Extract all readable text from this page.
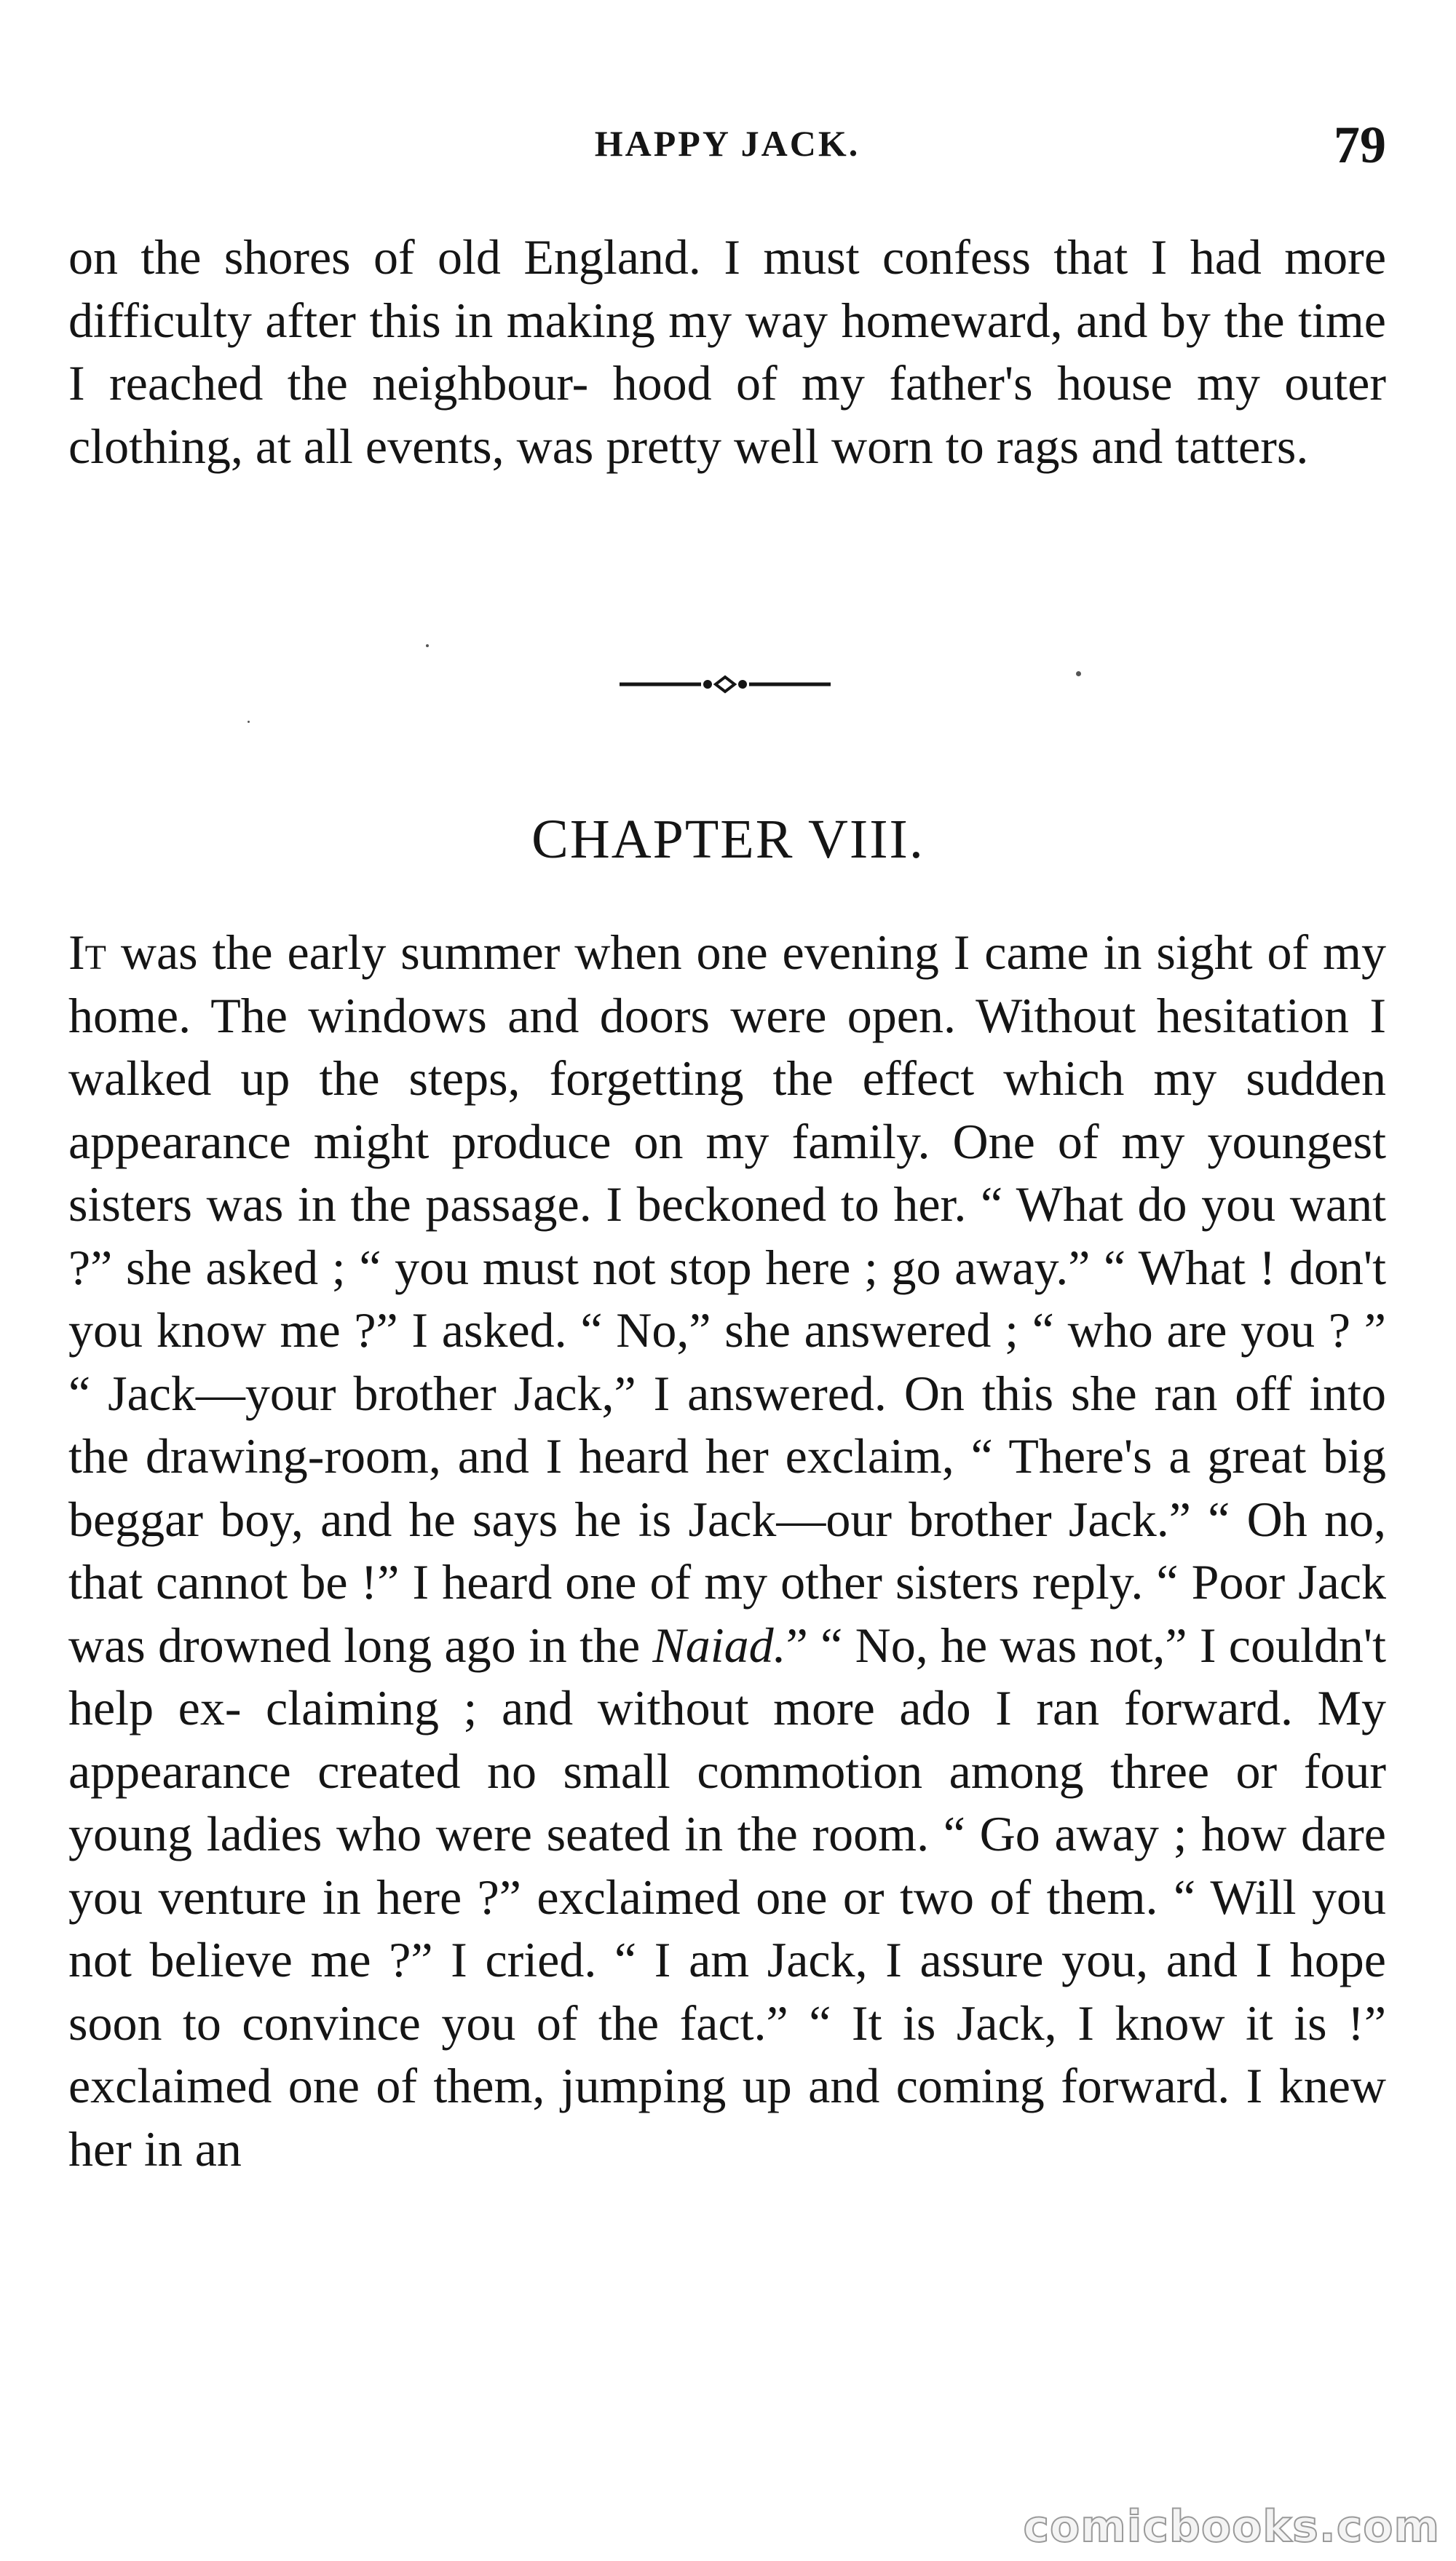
HAPPY JACK.	79

on the shores of old England. I must confess that I had more difficulty after this in making my way homeward, and by the time I reached the neighbour- hood of my father's house my outer clothing, at all events, was pretty well worn to rags and tatters.

CHAPTER VIII.

It was the early summer when one evening I came in sight of my home. The windows and doors were open. Without hesitation I walked up the steps, forgetting the effect which my sudden appearance might produce on my family. One of my youngest sisters was in the passage. I beckoned to her. “ What do you want ?” she asked ; “ you must not stop here ; go away.” “ What ! don't you know me ?” I asked. “ No,” she answered ; “ who are you ? ” “ Jack—your brother Jack,” I answered. On this she ran off into the drawing-room, and I heard her exclaim, “ There's a great big beggar boy, and he says he is Jack—our brother Jack.” “ Oh no, that cannot be !” I heard one of my other sisters reply. “ Poor Jack was drowned long ago in the Naiad.” “ No, he was not,” I couldn't help ex- claiming ; and without more ado I ran forward. My appearance created no small commotion among three or four young ladies who were seated in the room. “ Go away ; how dare you venture in here ?” exclaimed one or two of them. “ Will you not believe me ?” I cried. “ I am Jack, I assure you, and I hope soon to convince you of the fact.” “ It is Jack, I know it is !” exclaimed one of them, jumping up and coming forward. I knew her in an

comicbooks.com
